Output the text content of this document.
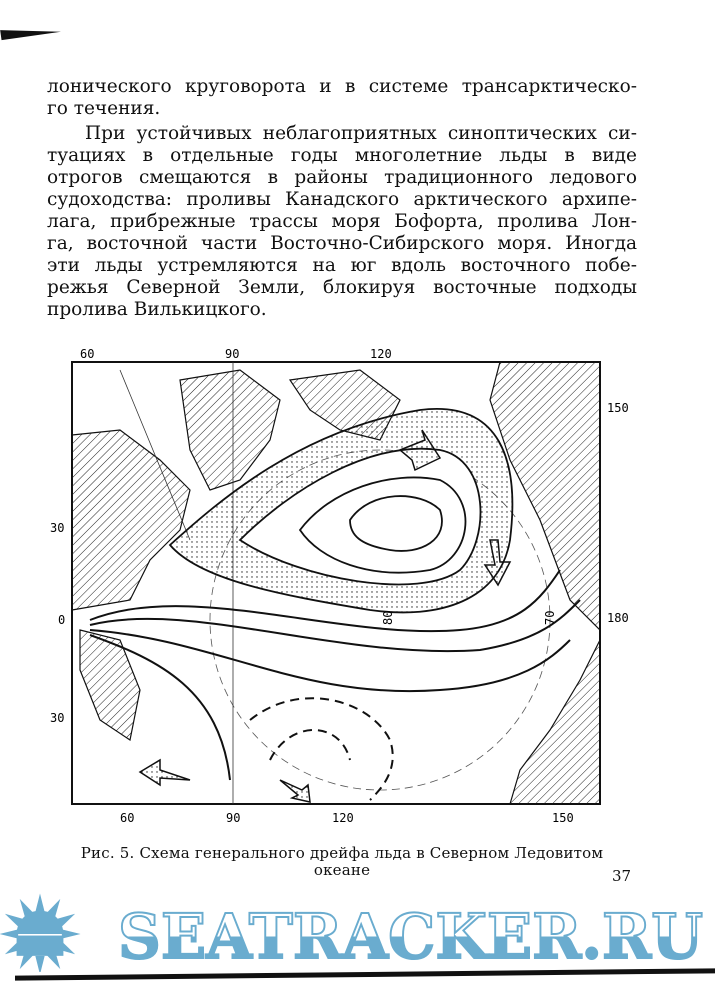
лонического круговорота и в системе трансарктическо-
го течения.
При устойчивых неблагоприятных синоптических си-
туациях в отдельные годы многолетние льды в виде
отрогов смещаются в районы традиционного ледового
судоходства: проливы Канадского арктического архипе-
лага, прибрежные трассы моря Бофорта, пролива Лон-
га, восточной части Восточно-Сибирского моря. Иногда
эти льды устремляются на юг вдоль восточного побе-
режья Северной Земли, блокируя восточные подходы
пролива Вилькицкого.
60	90	120
150
180
30
0
30
60	90	120	150
80	70
Рис. 5. Схема генерального дрейфа льда в Северном Ледовитом
океане	37
SEATRACKER.RU
